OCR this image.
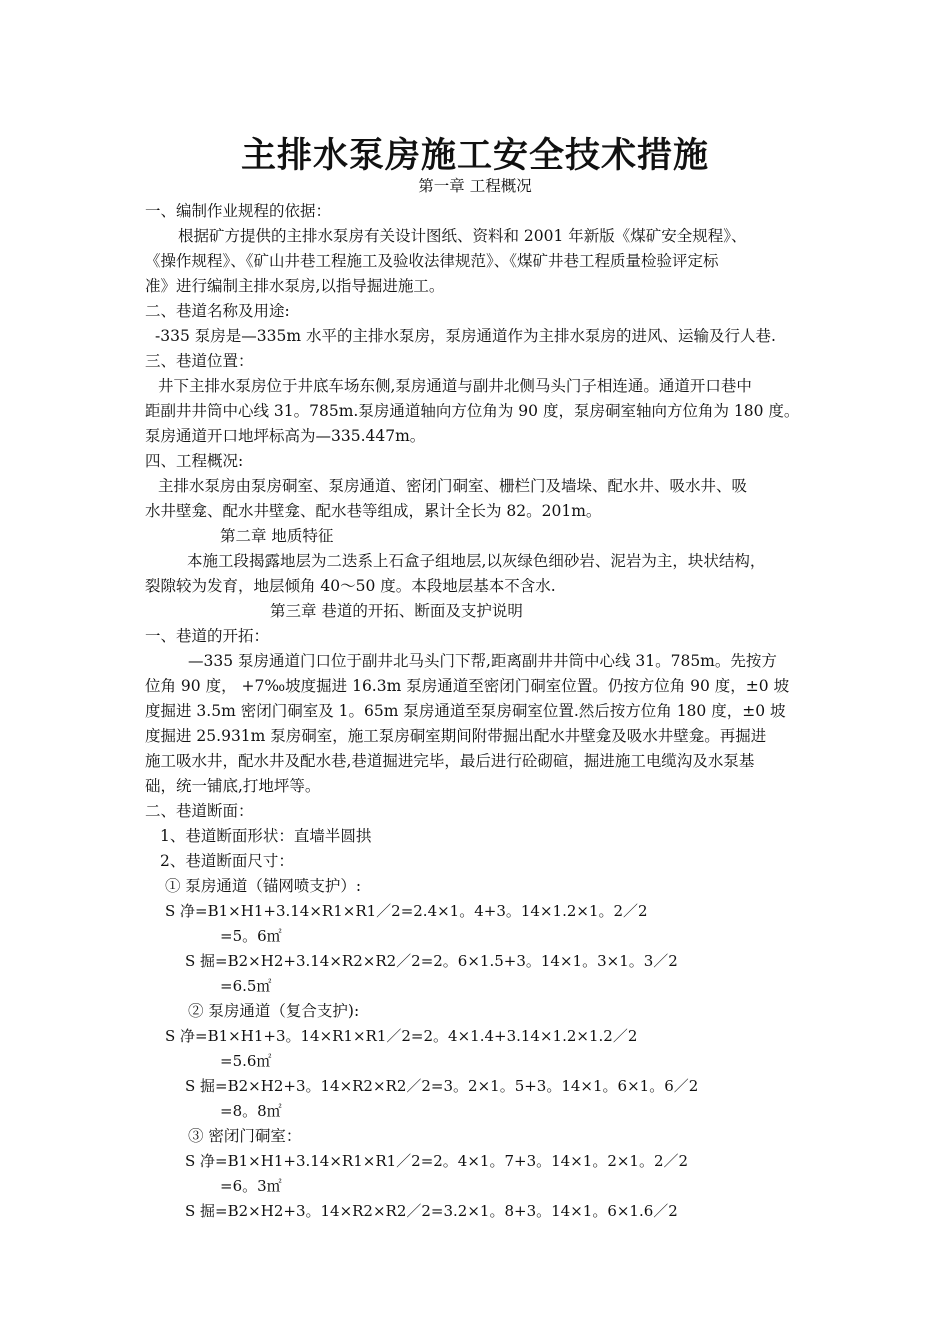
主排水泵房施工安全技术措施
第一章 工程概况
一、编制作业规程的依据：
根据矿方提供的主排水泵房有关设计图纸、资料和 2001 年新版《煤矿安全规程》、
《操作规程》、《矿山井巷工程施工及验收法律规范》、《煤矿井巷工程质量检验评定标
准》进行编制主排水泵房,以指导掘进施工。
二、巷道名称及用途:
-335 泵房是—335m 水平的主排水泵房，泵房通道作为主排水泵房的进风、运输及行人巷.
三、巷道位置：
井下主排水泵房位于井底车场东侧,泵房通道与副井北侧马头门子相连通。通道开口巷中
距副井井筒中心线 31。785m.泵房通道轴向方位角为 90 度，泵房硐室轴向方位角为 180 度。
泵房通道开口地坪标高为—335.447m。
四、工程概况:
主排水泵房由泵房硐室、泵房通道、密闭门硐室、栅栏门及墙垛、配水井、吸水井、吸
水井壁龛、配水井壁龛、配水巷等组成，累计全长为 82。201m。
第二章 地质特征
本施工段揭露地层为二迭系上石盒子组地层,以灰绿色细砂岩、泥岩为主，块状结构，
裂隙较为发育，地层倾角 40～50 度。本段地层基本不含水.
第三章 巷道的开拓、断面及支护说明
一、巷道的开拓：
—335 泵房通道门口位于副井北马头门下帮,距离副井井筒中心线 31。785m。先按方
位角 90 度， +7‰坡度掘进 16.3m 泵房通道至密闭门硐室位置。仍按方位角 90 度，±0 坡
度掘进 3.5m 密闭门硐室及 1。65m 泵房通道至泵房硐室位置.然后按方位角 180 度，±0 坡
度掘进 25.931m 泵房硐室，施工泵房硐室期间附带掘出配水井壁龛及吸水井壁龛。再掘进
施工吸水井，配水井及配水巷,巷道掘进完毕，最后进行砼砌碹，掘进施工电缆沟及水泵基
础，统一铺底,打地坪等。
二、巷道断面：
1、巷道断面形状：直墙半圆拱
2、巷道断面尺寸：
① 泵房通道（锚网喷支护）:
S 净=B1×H1+3.14×R1×R1／2=2.4×1。4+3。14×1.2×1。2／2
=5。6㎡
S 掘=B2×H2+3.14×R2×R2／2=2。6×1.5+3。14×1。3×1。3／2
=6.5㎡
② 泵房通道（复合支护):
S 净=B1×H1+3。14×R1×R1／2=2。4×1.4+3.14×1.2×1.2／2
=5.6㎡
S 掘=B2×H2+3。14×R2×R2／2=3。2×1。5+3。14×1。6×1。6／2
=8。8㎡
③ 密闭门硐室：
S 净=B1×H1+3.14×R1×R1／2=2。4×1。7+3。14×1。2×1。2／2
=6。3㎡
S 掘=B2×H2+3。14×R2×R2／2=3.2×1。8+3。14×1。6×1.6／2
